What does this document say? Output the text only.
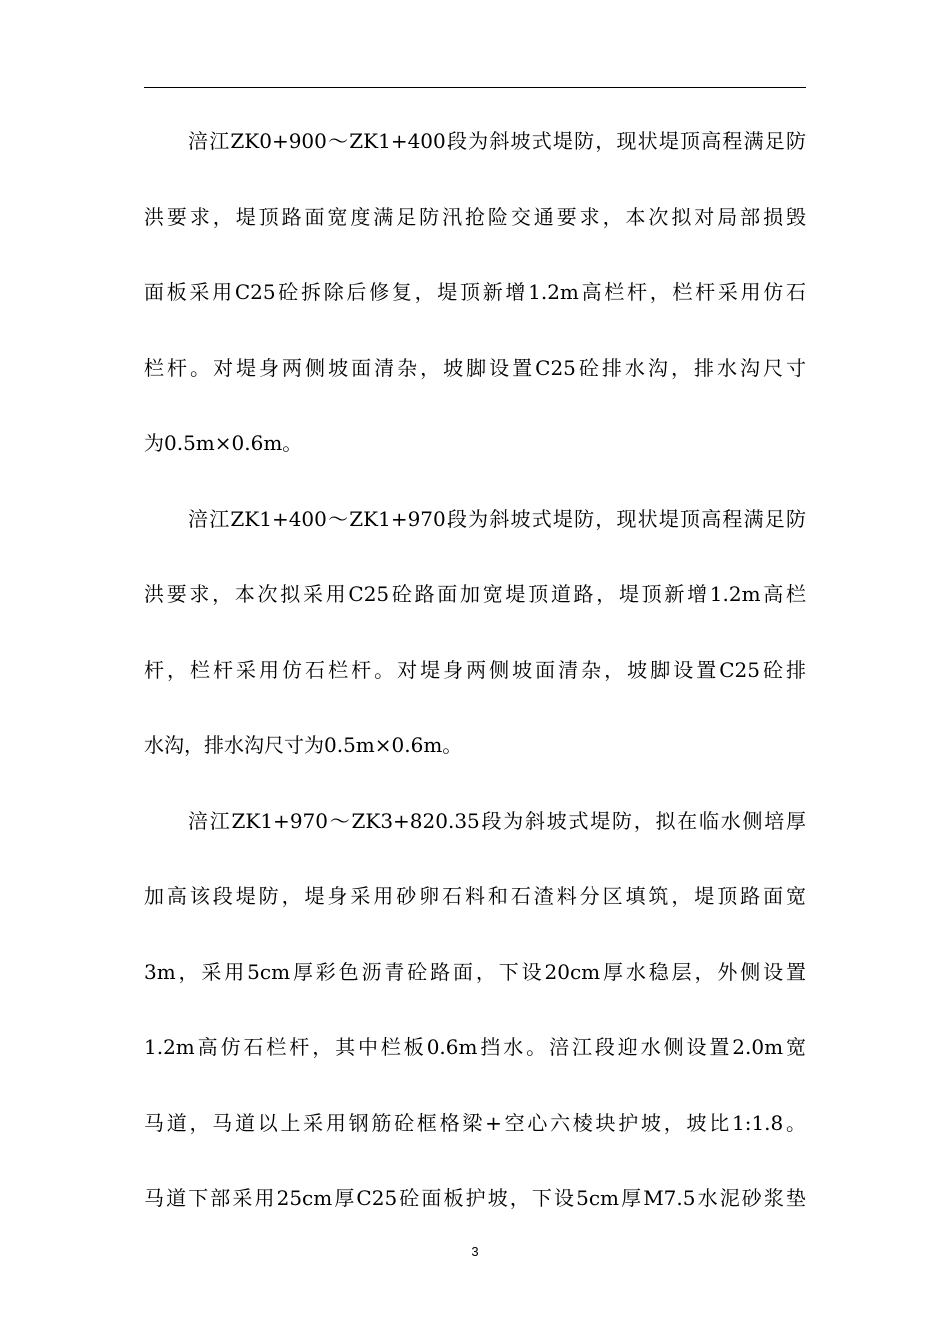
涪江ZK0+900～ZK1+400段为斜坡式堤防，现状堤顶高程满足防
洪要求，堤顶路面宽度满足防汛抢险交通要求，本次拟对局部损毁
面板采用C25砼拆除后修复，堤顶新增1.2m高栏杆，栏杆采用仿石
栏杆。对堤身两侧坡面清杂，坡脚设置C25砼排水沟，排水沟尺寸
为0.5m×0.6m。
涪江ZK1+400～ZK1+970段为斜坡式堤防，现状堤顶高程满足防
洪要求，本次拟采用C25砼路面加宽堤顶道路，堤顶新增1.2m高栏
杆，栏杆采用仿石栏杆。对堤身两侧坡面清杂，坡脚设置C25砼排
水沟，排水沟尺寸为0.5m×0.6m。
涪江ZK1+970～ZK3+820.35段为斜坡式堤防，拟在临水侧培厚
加高该段堤防，堤身采用砂卵石料和石渣料分区填筑，堤顶路面宽
3m，采用5cm厚彩色沥青砼路面，下设20cm厚水稳层，外侧设置
1.2m高仿石栏杆，其中栏板0.6m挡水。涪江段迎水侧设置2.0m宽
马道，马道以上采用钢筋砼框格梁+空心六棱块护坡，坡比1:1.8。
马道下部采用25cm厚C25砼面板护坡，下设5cm厚M7.5水泥砂浆垫
3
